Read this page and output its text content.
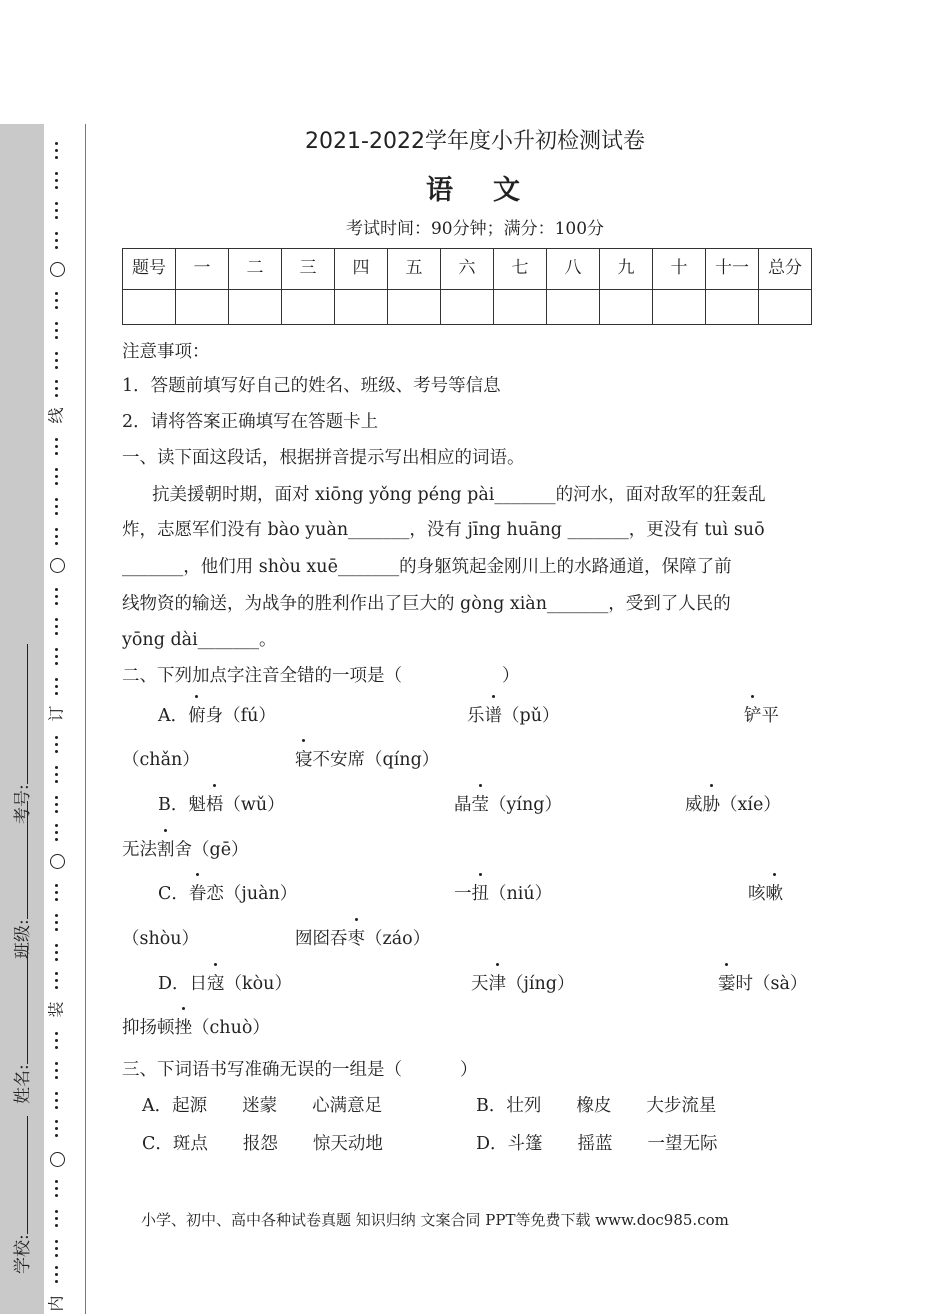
学校:
姓名:
班级:
考号:
线
订
装
内
2021-2022学年度小升初检测试卷
语 文
考试时间：90分钟；满分：100分
题号	一	二	三	四	五	六	七	八	九	十	十一	总分

注意事项：
1．答题前填写好自己的姓名、班级、考号等信息
2．请将答案正确填写在答题卡上
一、读下面这段话，根据拼音提示写出相应的词语。
抗美援朝时期，面对 xiōng yǒng péng pài_______的河水，面对敌军的狂轰乱
炸，志愿军们没有 bào yuàn_______，没有 jīng huāng _______，更没有 tuì suō
_______，他们用 shòu xuē_______的身躯筑起金刚川上的水路通道，保障了前
线物资的输送，为战争的胜利作出了巨大的 gòng xiàn_______，受到了人民的
yōng dài_______。
二、下列加点字注音全错的一项是（	）
A．俯身（fú）	乐谱（pǔ）	铲平
（chǎn）	寝不安席（qíng）
B．魁梧（wǔ）	晶莹（yíng）	威胁（xíe）
无法割舍（gē）
C．眷恋（juàn）	一扭（niú）	咳嗽
（shòu）	囫囵吞枣（záo）
D．日寇（kòu）	天津（jíng）	霎时（sà）
抑扬顿挫（chuò）
三、下词语书写准确无误的一组是（	）
A．起源　　迷蒙　　心满意足	B．壮列　　橡皮　　大步流星
C．斑点　　报怨　　惊天动地	D．斗篷　　摇蓝　　一望无际
小学、初中、高中各种试卷真题 知识归纳 文案合同 PPT等免费下载 www.doc985.com
